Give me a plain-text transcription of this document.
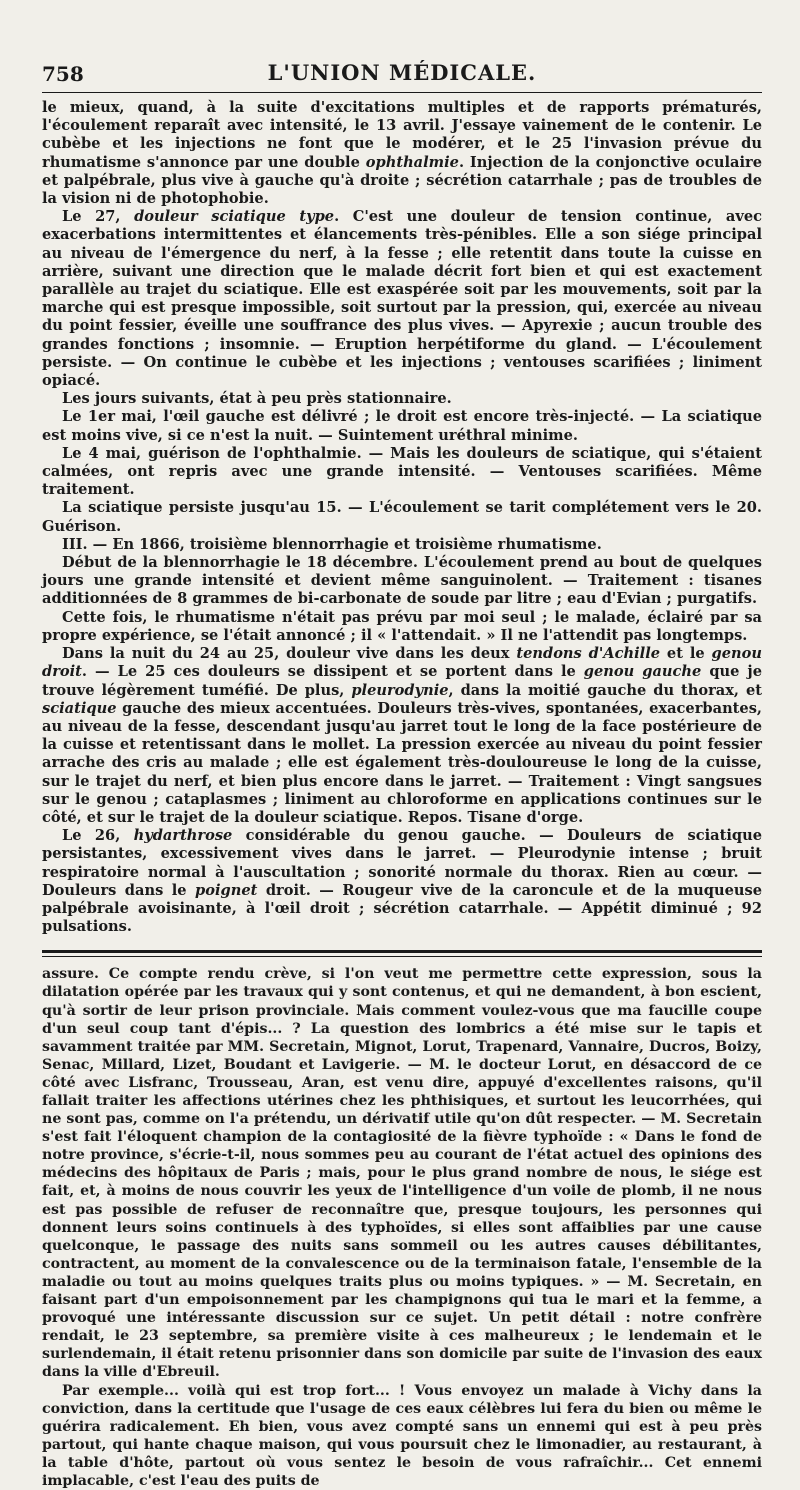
758	L'UNION MÉDICALE.

le mieux, quand, à la suite d'excitations multiples et de rapports prématurés, l'écoulement reparaît avec intensité, le 13 avril. J'essaye vainement de le contenir. Le cubèbe et les injections ne font que le modérer, et le 25 l'invasion prévue du rhumatisme s'annonce par une double ophthalmie. Injection de la conjonctive oculaire et palpébrale, plus vive à gauche qu'à droite ; sécrétion catarrhale ; pas de troubles de la vision ni de photophobie.

Le 27, douleur sciatique type. C'est une douleur de tension continue, avec exacerbations intermittentes et élancements très-pénibles. Elle a son siége principal au niveau de l'émergence du nerf, à la fesse ; elle retentit dans toute la cuisse en arrière, suivant une direction que le malade décrit fort bien et qui est exactement parallèle au trajet du sciatique. Elle est exaspérée soit par les mouvements, soit par la marche qui est presque impossible, soit surtout par la pression, qui, exercée au niveau du point fessier, éveille une souffrance des plus vives. — Apyrexie ; aucun trouble des grandes fonctions ; insomnie. — Eruption herpétiforme du gland. — L'écoulement persiste. — On continue le cubèbe et les injections ; ventouses scarifiées ; liniment opiacé.

Les jours suivants, état à peu près stationnaire.

Le 1er mai, l'œil gauche est délivré ; le droit est encore très-injecté. — La sciatique est moins vive, si ce n'est la nuit. — Suintement uréthral minime.

Le 4 mai, guérison de l'ophthalmie. — Mais les douleurs de sciatique, qui s'étaient calmées, ont repris avec une grande intensité. — Ventouses scarifiées. Même traitement.

La sciatique persiste jusqu'au 15. — L'écoulement se tarit complétement vers le 20. Guérison.

III. — En 1866, troisième blennorrhagie et troisième rhumatisme.

Début de la blennorrhagie le 18 décembre. L'écoulement prend au bout de quelques jours une grande intensité et devient même sanguinolent. — Traitement : tisanes additionnées de 8 grammes de bi-carbonate de soude par litre ; eau d'Evian ; purgatifs.

Cette fois, le rhumatisme n'était pas prévu par moi seul ; le malade, éclairé par sa propre expérience, se l'était annoncé ; il « l'attendait. » Il ne l'attendit pas longtemps.

Dans la nuit du 24 au 25, douleur vive dans les deux tendons d'Achille et le genou droit. — Le 25 ces douleurs se dissipent et se portent dans le genou gauche que je trouve légèrement tuméfié. De plus, pleurodynie, dans la moitié gauche du thorax, et sciatique gauche des mieux accentuées. Douleurs très-vives, spontanées, exacerbantes, au niveau de la fesse, descendant jusqu'au jarret tout le long de la face postérieure de la cuisse et retentissant dans le mollet. La pression exercée au niveau du point fessier arrache des cris au malade ; elle est également très-douloureuse le long de la cuisse, sur le trajet du nerf, et bien plus encore dans le jarret. — Traitement : Vingt sangsues sur le genou ; cataplasmes ; liniment au chloroforme en applications continues sur le côté, et sur le trajet de la douleur sciatique. Repos. Tisane d'orge.

Le 26, hydarthrose considérable du genou gauche. — Douleurs de sciatique persistantes, excessivement vives dans le jarret. — Pleurodynie intense ; bruit respiratoire normal à l'auscultation ; sonorité normale du thorax. Rien au cœur. — Douleurs dans le poignet droit. — Rougeur vive de la caroncule et de la muqueuse palpébrale avoisinante, à l'œil droit ; sécrétion catarrhale. — Appétit diminué ; 92 pulsations.

assure. Ce compte rendu crève, si l'on veut me permettre cette expression, sous la dilatation opérée par les travaux qui y sont contenus, et qui ne demandent, à bon escient, qu'à sortir de leur prison provinciale. Mais comment voulez-vous que ma faucille coupe d'un seul coup tant d'épis... ? La question des lombrics a été mise sur le tapis et savamment traitée par MM. Secretain, Mignot, Lorut, Trapenard, Vannaire, Ducros, Boizy, Senac, Millard, Lizet, Boudant et Lavigerie. — M. le docteur Lorut, en désaccord de ce côté avec Lisfranc, Trousseau, Aran, est venu dire, appuyé d'excellentes raisons, qu'il fallait traiter les affections utérines chez les phthisiques, et surtout les leucorrhées, qui ne sont pas, comme on l'a prétendu, un dérivatif utile qu'on dût respecter. — M. Secretain s'est fait l'éloquent champion de la contagiosité de la fièvre typhoïde : « Dans le fond de notre province, s'écrie-t-il, nous sommes peu au courant de l'état actuel des opinions des médecins des hôpitaux de Paris ; mais, pour le plus grand nombre de nous, le siége est fait, et, à moins de nous couvrir les yeux de l'intelligence d'un voile de plomb, il ne nous est pas possible de refuser de reconnaître que, presque toujours, les personnes qui donnent leurs soins continuels à des typhoïdes, si elles sont affaiblies par une cause quelconque, le passage des nuits sans sommeil ou les autres causes débilitantes, contractent, au moment de la convalescence ou de la terminaison fatale, l'ensemble de la maladie ou tout au moins quelques traits plus ou moins typiques. » — M. Secretain, en faisant part d'un empoisonnement par les champignons qui tua le mari et la femme, a provoqué une intéressante discussion sur ce sujet. Un petit détail : notre confrère rendait, le 23 septembre, sa première visite à ces malheureux ; le lendemain et le surlendemain, il était retenu prisonnier dans son domicile par suite de l'invasion des eaux dans la ville d'Ebreuil.

Par exemple... voilà qui est trop fort... ! Vous envoyez un malade à Vichy dans la conviction, dans la certitude que l'usage de ces eaux célèbres lui fera du bien ou même le guérira radicalement. Eh bien, vous avez compté sans un ennemi qui est à peu près partout, qui hante chaque maison, qui vous poursuit chez le limonadier, au restaurant, à la table d'hôte, partout où vous sentez le besoin de vous rafraîchir... Cet ennemi implacable, c'est l'eau des puits de
